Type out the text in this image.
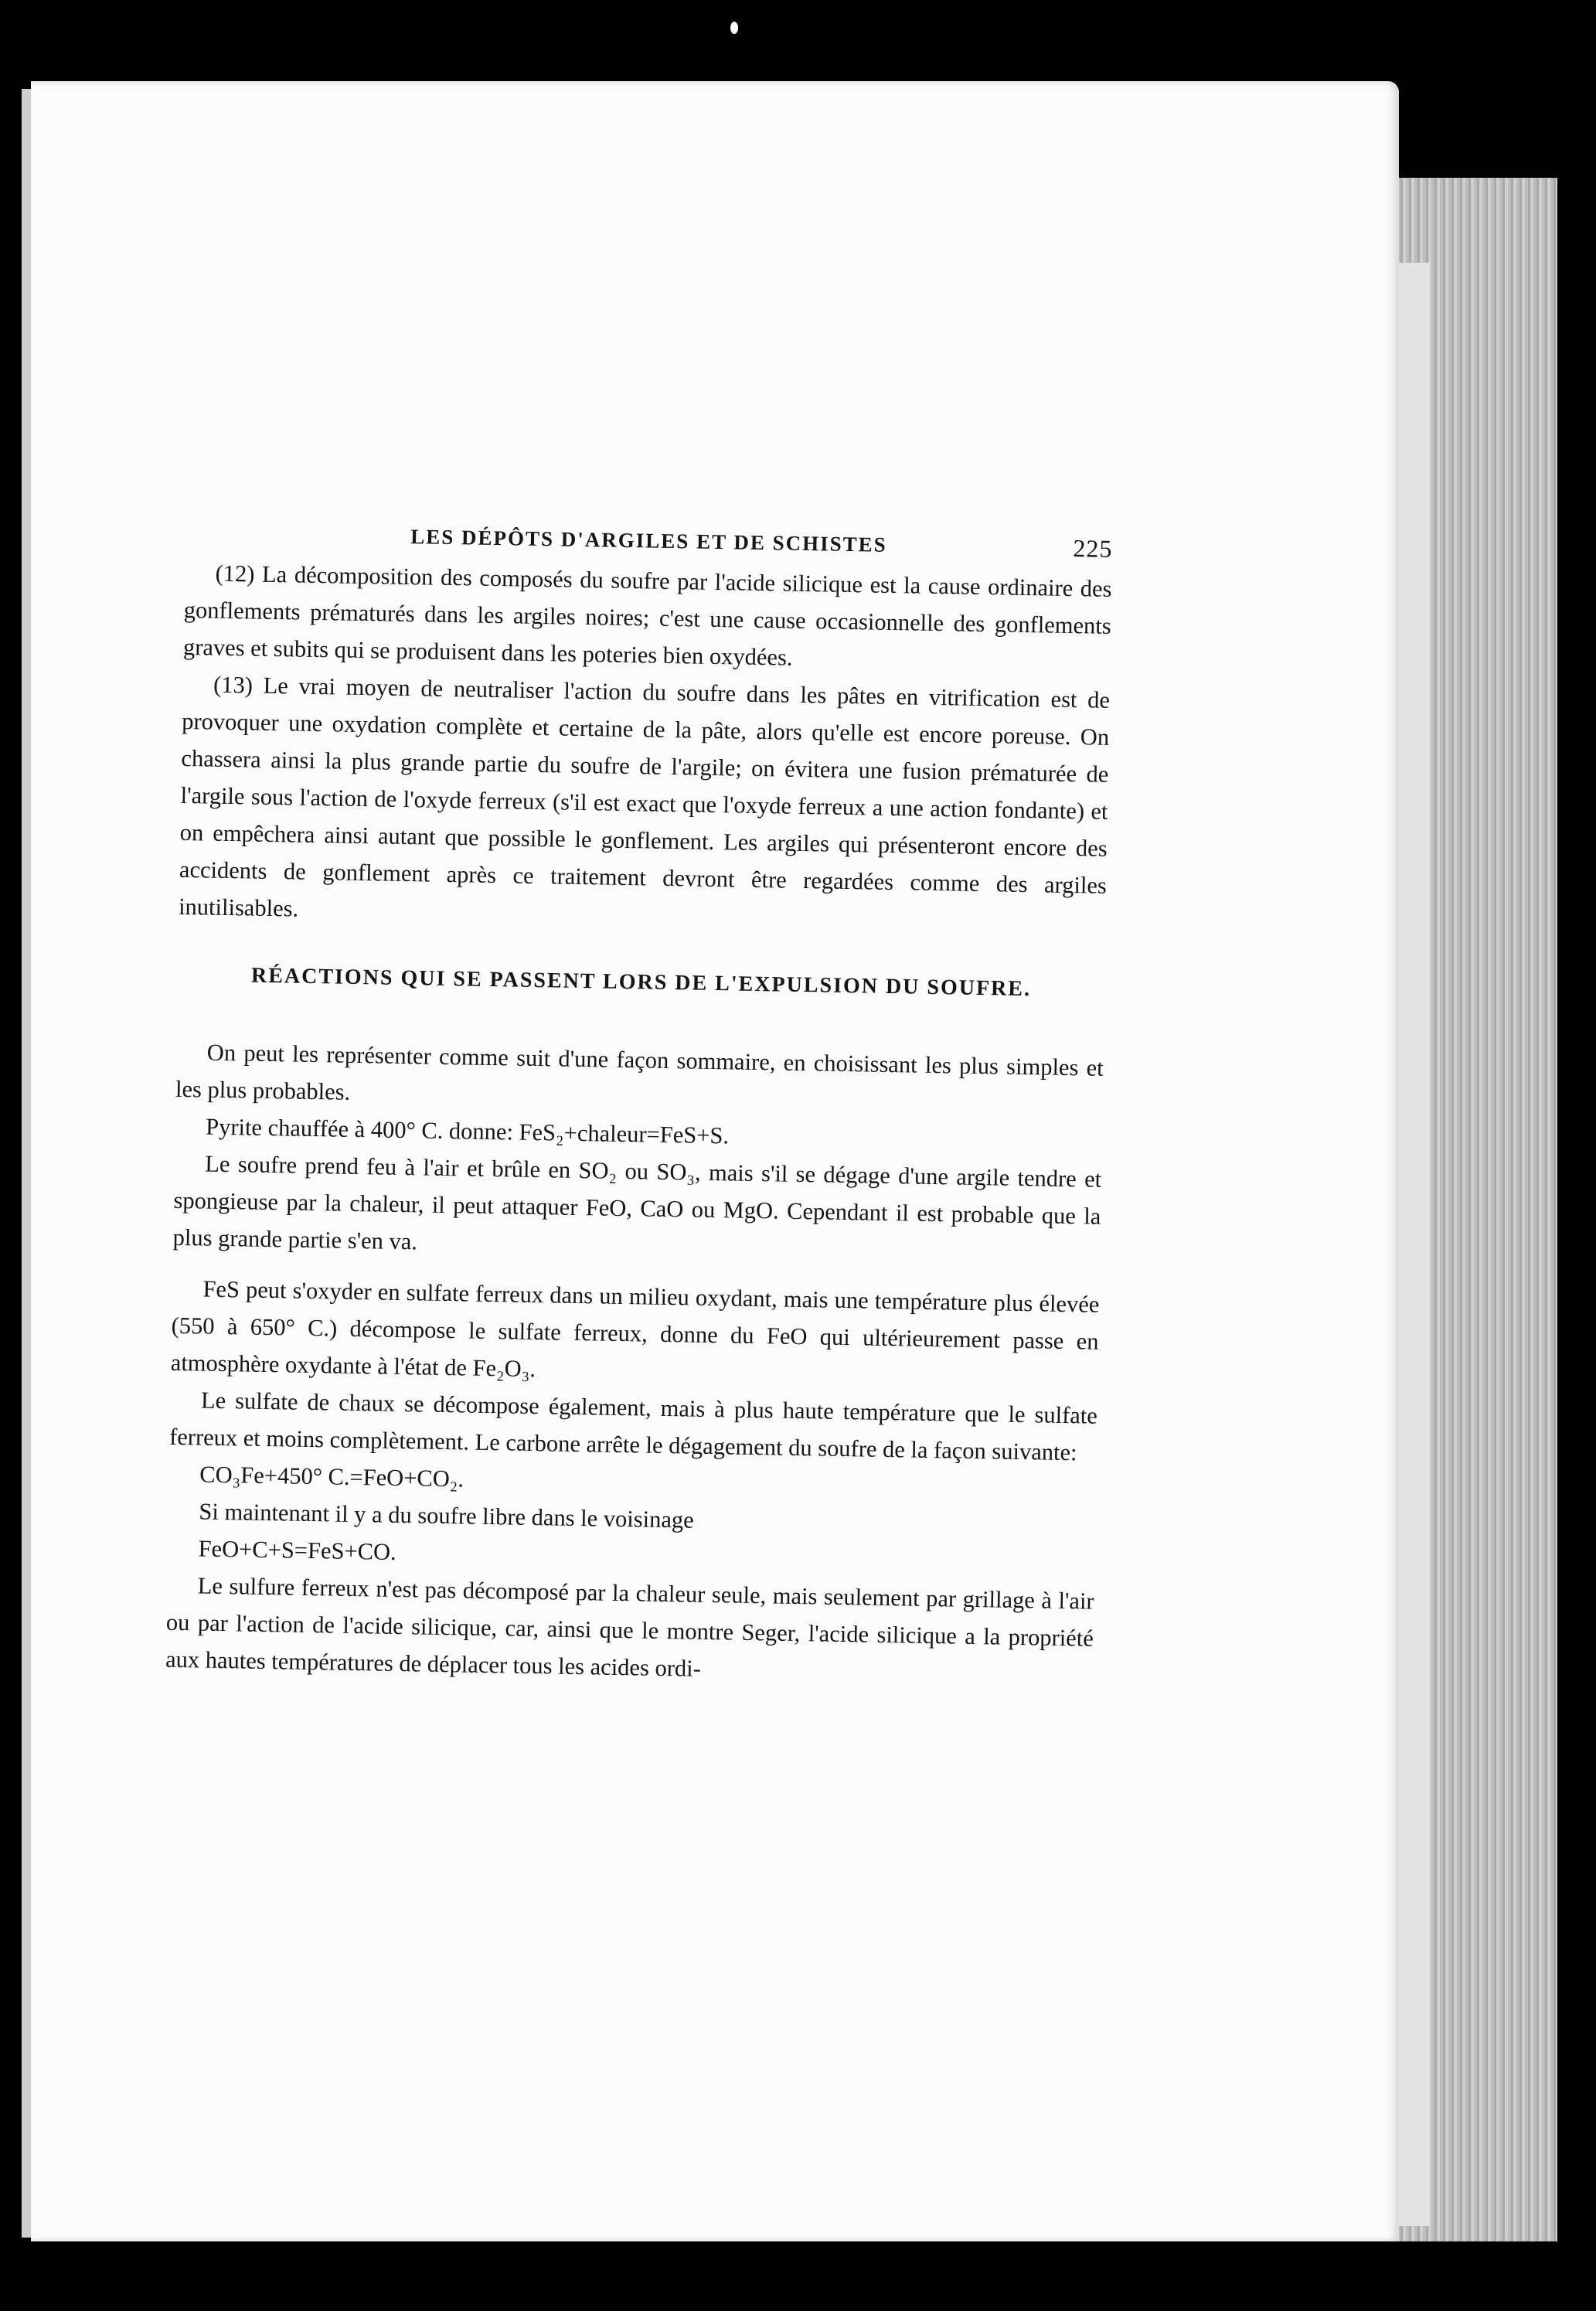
LES DÉPÔTS D'ARGILES ET DE SCHISTES	225

(12) La décomposition des composés du soufre par l'acide silicique est la cause ordinaire des gonflements prématurés dans les argiles noires; c'est une cause occasionnelle des gonflements graves et subits qui se produisent dans les poteries bien oxydées.

(13) Le vrai moyen de neutraliser l'action du soufre dans les pâtes en vitrification est de provoquer une oxydation complète et certaine de la pâte, alors qu'elle est encore poreuse. On chassera ainsi la plus grande partie du soufre de l'argile; on évitera une fusion prématurée de l'argile sous l'action de l'oxyde ferreux (s'il est exact que l'oxyde ferreux a une action fondante) et on empêchera ainsi autant que possible le gonflement. Les argiles qui présenteront encore des accidents de gonflement après ce traitement devront être regardées comme des argiles inutilisables.

RÉACTIONS QUI SE PASSENT LORS DE L'EXPULSION DU SOUFRE.

On peut les représenter comme suit d'une façon sommaire, en choisissant les plus simples et les plus probables.

Pyrite chauffée à 400° C. donne: FeS₂+chaleur=FeS+S.

Le soufre prend feu à l'air et brûle en SO₂ ou SO₃, mais s'il se dégage d'une argile tendre et spongieuse par la chaleur, il peut attaquer FeO, CaO ou MgO. Cependant il est probable que la plus grande partie s'en va.

FeS peut s'oxyder en sulfate ferreux dans un milieu oxydant, mais une température plus élevée (550 à 650° C.) décompose le sulfate ferreux, donne du FeO qui ultérieurement passe en atmosphère oxydante à l'état de Fe₂O₃.

Le sulfate de chaux se décompose également, mais à plus haute température que le sulfate ferreux et moins complètement. Le carbone arrête le dégagement du soufre de la façon suivante:

CO₃Fe+450° C.=FeO+CO₂.

Si maintenant il y a du soufre libre dans le voisinage

FeO+C+S=FeS+CO.

Le sulfure ferreux n'est pas décomposé par la chaleur seule, mais seulement par grillage à l'air ou par l'action de l'acide silicique, car, ainsi que le montre Seger, l'acide silicique a la propriété aux hautes températures de déplacer tous les acides ordi-
